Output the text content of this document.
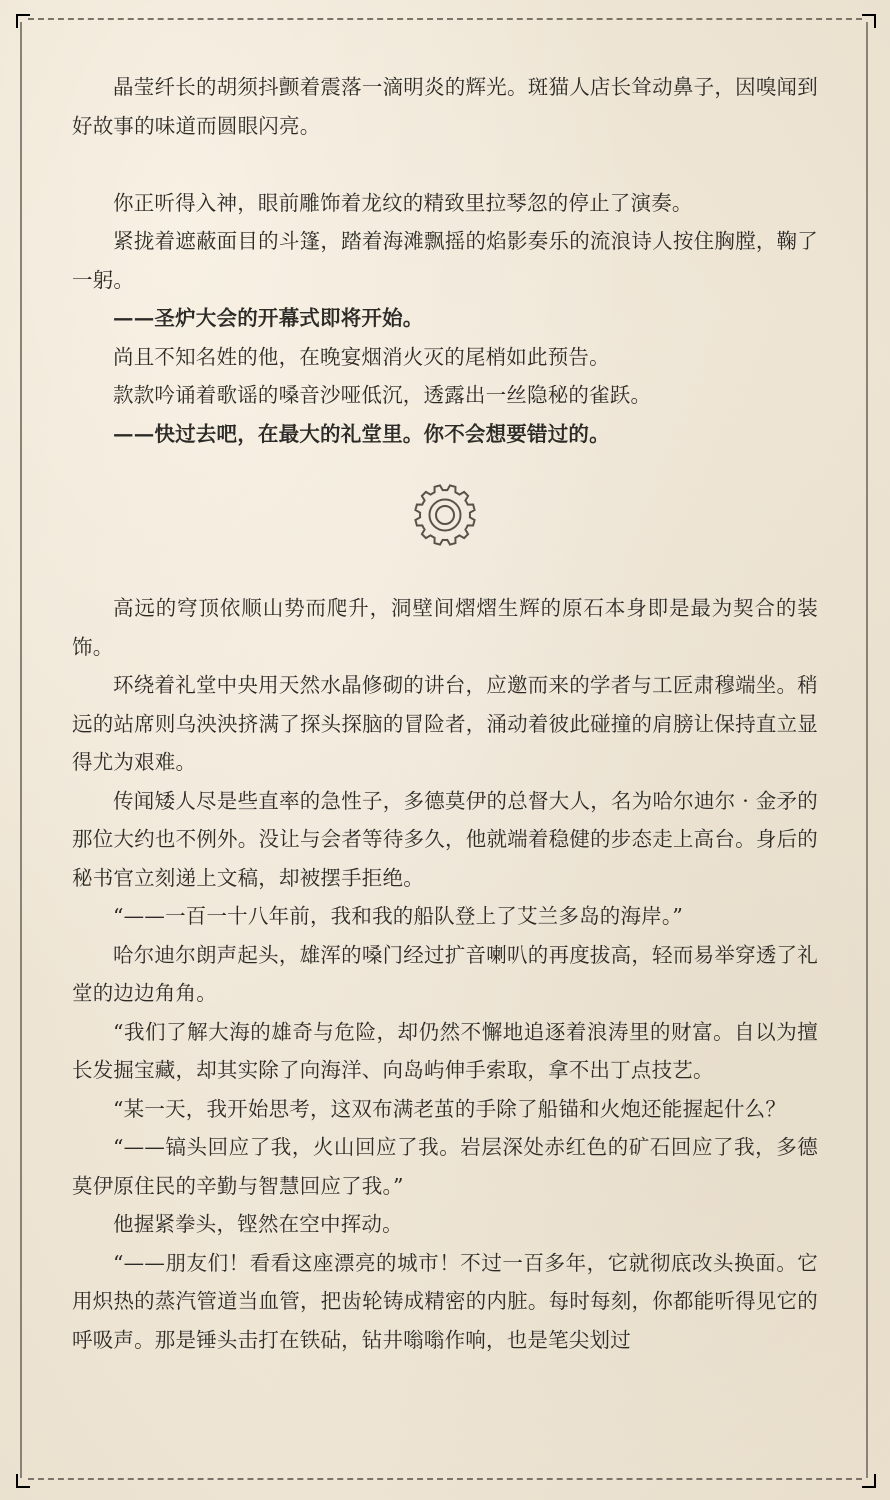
晶莹纤长的胡须抖颤着震落一滴明炎的辉光。斑猫人店长耸动鼻子，因嗅闻到好故事的味道而圆眼闪亮。

你正听得入神，眼前雕饰着龙纹的精致里拉琴忽的停止了演奏。

紧拢着遮蔽面目的斗篷，踏着海滩飘摇的焰影奏乐的流浪诗人按住胸膛，鞠了一躬。

——圣炉大会的开幕式即将开始。

尚且不知名姓的他，在晚宴烟消火灭的尾梢如此预告。

款款吟诵着歌谣的嗓音沙哑低沉，透露出一丝隐秘的雀跃。

——快过去吧，在最大的礼堂里。你不会想要错过的。

高远的穹顶依顺山势而爬升，洞壁间熠熠生辉的原石本身即是最为契合的装饰。

环绕着礼堂中央用天然水晶修砌的讲台，应邀而来的学者与工匠肃穆端坐。稍远的站席则乌泱泱挤满了探头探脑的冒险者，涌动着彼此碰撞的肩膀让保持直立显得尤为艰难。

传闻矮人尽是些直率的急性子，多德莫伊的总督大人，名为哈尔迪尔 · 金矛的那位大约也不例外。没让与会者等待多久，他就端着稳健的步态走上高台。身后的秘书官立刻递上文稿，却被摆手拒绝。

“——一百一十八年前，我和我的船队登上了艾兰多岛的海岸。”

哈尔迪尔朗声起头，雄浑的嗓门经过扩音喇叭的再度拔高，轻而易举穿透了礼堂的边边角角。

“我们了解大海的雄奇与危险，却仍然不懈地追逐着浪涛里的财富。自以为擅长发掘宝藏，却其实除了向海洋、向岛屿伸手索取，拿不出丁点技艺。

“某一天，我开始思考，这双布满老茧的手除了船锚和火炮还能握起什么？

“——镐头回应了我，火山回应了我。岩层深处赤红色的矿石回应了我，多德莫伊原住民的辛勤与智慧回应了我。”

他握紧拳头，铿然在空中挥动。

“——朋友们！看看这座漂亮的城市！不过一百多年，它就彻底改头换面。它用炽热的蒸汽管道当血管，把齿轮铸成精密的内脏。每时每刻，你都能听得见它的呼吸声。那是锤头击打在铁砧，钻井嗡嗡作响，也是笔尖划过
